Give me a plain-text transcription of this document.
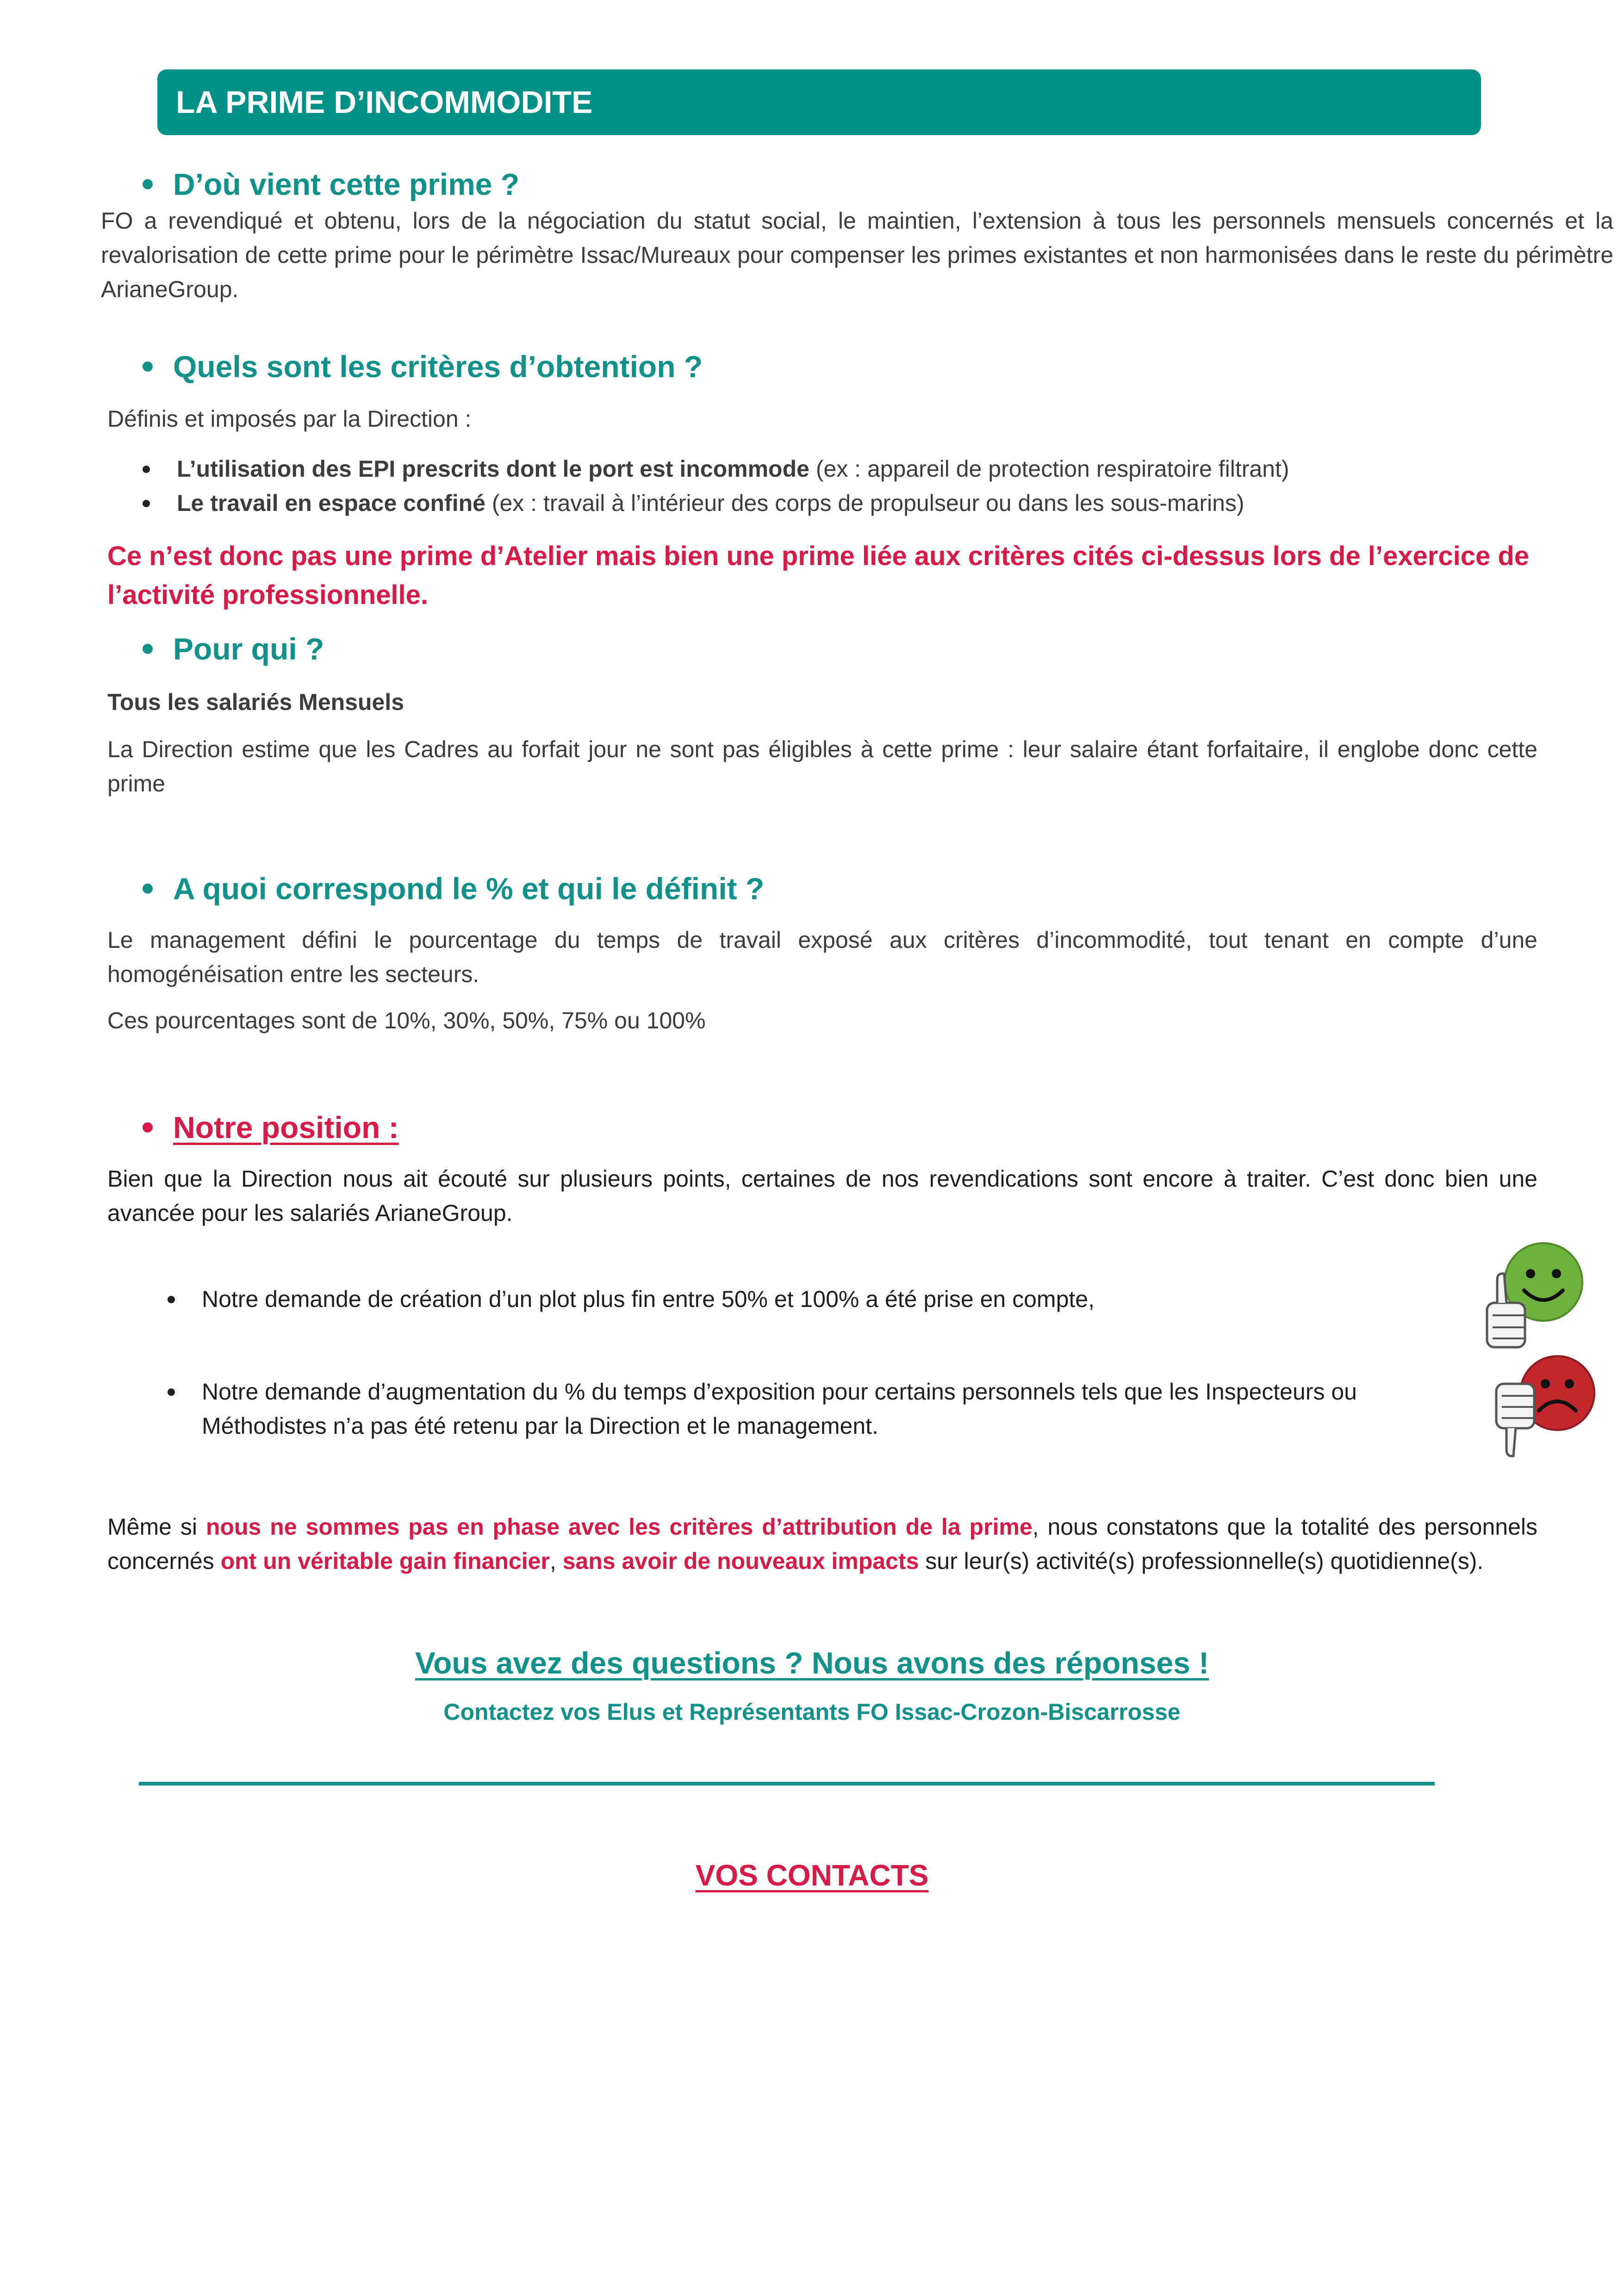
LA PRIME D’INCOMMODITE
D’où vient cette prime ?
FO a revendiqué et obtenu, lors de la négociation du statut social, le maintien, l’extension à tous les personnels mensuels concernés et la revalorisation de cette prime pour le périmètre Issac/Mureaux pour compenser les primes existantes et non harmonisées dans le reste du périmètre ArianeGroup.
Quels sont les critères d’obtention ?
Définis et imposés par la Direction :
L’utilisation des EPI prescrits dont le port est incommode (ex : appareil de protection respiratoire filtrant)
Le travail en espace confiné (ex : travail à l’intérieur des corps de propulseur ou dans les sous-marins)
Ce n’est donc pas une prime d’Atelier mais bien une prime liée aux critères cités ci-dessus lors de l’exercice de l’activité professionnelle.
Pour qui ?
Tous les salariés Mensuels
La Direction estime que les Cadres au forfait jour ne sont pas éligibles à cette prime : leur salaire étant forfaitaire, il englobe donc cette prime
A quoi correspond le % et qui le définit ?
Le management défini le pourcentage du temps de travail exposé aux critères d’incommodité, tout tenant en compte d’une homogénéisation entre les secteurs.
Ces pourcentages sont de 10%, 30%, 50%, 75% ou 100%
Notre position :
Bien que la Direction nous ait écouté sur plusieurs points, certaines de nos revendications sont encore à traiter. C’est donc bien une avancée pour les salariés ArianeGroup.
Notre demande de création d’un plot plus fin entre 50% et 100% a été prise en compte,
Notre demande d’augmentation du % du temps d’exposition pour certains personnels tels que les Inspecteurs ou Méthodistes n’a pas été retenu par la Direction et le management.
Même si nous ne sommes pas en phase avec les critères d’attribution de la prime, nous constatons que la totalité des personnels concernés ont un véritable gain financier, sans avoir de nouveaux impacts sur leur(s) activité(s) professionnelle(s) quotidienne(s).
Vous avez des questions ? Nous avons des réponses !
Contactez vos Elus et Représentants FO Issac-Crozon-Biscarrosse
VOS CONTACTS
